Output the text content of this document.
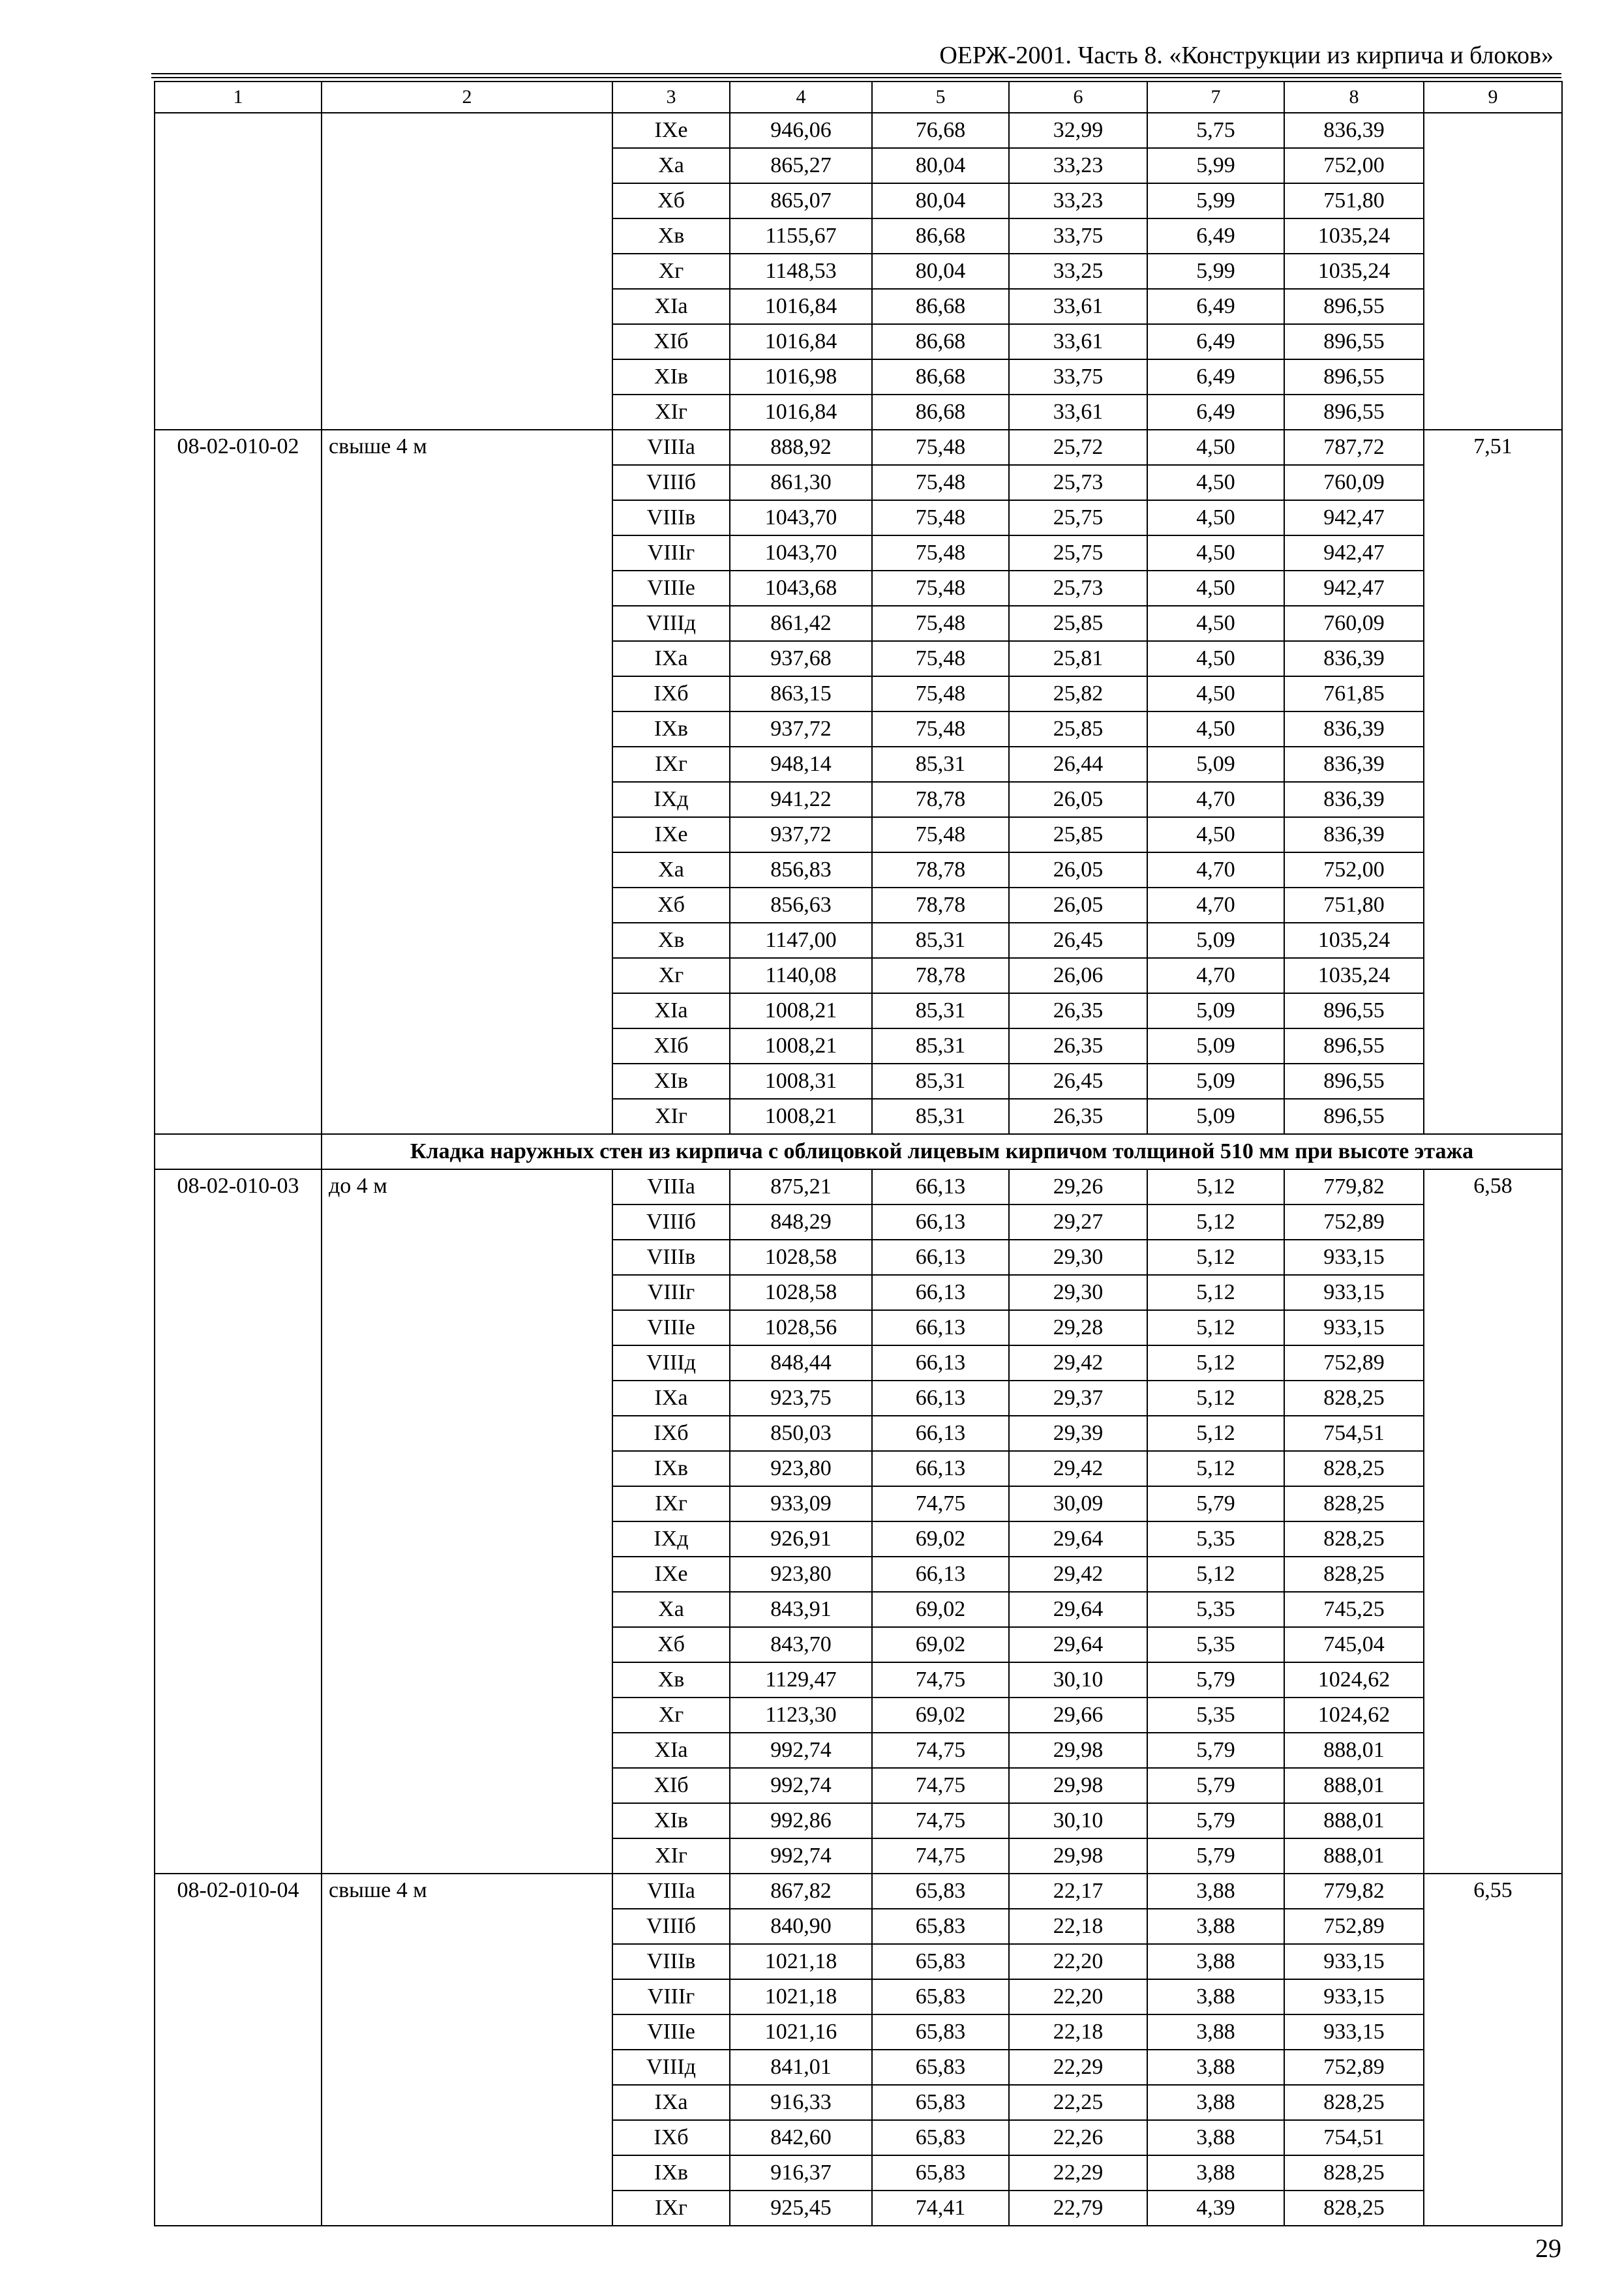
ОЕРЖ-2001. Часть 8. «Конструкции из кирпича и блоков»
1	2	3	4	5	6	7	8	9
		IXe	946,06	76,68	32,99	5,75	836,39	
		Xa	865,27	80,04	33,23	5,99	752,00	
		Xб	865,07	80,04	33,23	5,99	751,80	
		Xв	1155,67	86,68	33,75	6,49	1035,24	
		Xг	1148,53	80,04	33,25	5,99	1035,24	
		XIa	1016,84	86,68	33,61	6,49	896,55	
		XIб	1016,84	86,68	33,61	6,49	896,55	
		XIв	1016,98	86,68	33,75	6,49	896,55	
		XIг	1016,84	86,68	33,61	6,49	896,55	
08-02-010-02	свыше 4 м	VIIIa	888,92	75,48	25,72	4,50	787,72	7,51
		VIIIб	861,30	75,48	25,73	4,50	760,09	
		VIIIв	1043,70	75,48	25,75	4,50	942,47	
		VIIIг	1043,70	75,48	25,75	4,50	942,47	
		VIIIe	1043,68	75,48	25,73	4,50	942,47	
		VIIIд	861,42	75,48	25,85	4,50	760,09	
		IXa	937,68	75,48	25,81	4,50	836,39	
		IXб	863,15	75,48	25,82	4,50	761,85	
		IXв	937,72	75,48	25,85	4,50	836,39	
		IXг	948,14	85,31	26,44	5,09	836,39	
		IXд	941,22	78,78	26,05	4,70	836,39	
		IXe	937,72	75,48	25,85	4,50	836,39	
		Xa	856,83	78,78	26,05	4,70	752,00	
		Xб	856,63	78,78	26,05	4,70	751,80	
		Xв	1147,00	85,31	26,45	5,09	1035,24	
		Xг	1140,08	78,78	26,06	4,70	1035,24	
		XIa	1008,21	85,31	26,35	5,09	896,55	
		XIб	1008,21	85,31	26,35	5,09	896,55	
		XIв	1008,31	85,31	26,45	5,09	896,55	
		XIг	1008,21	85,31	26,35	5,09	896,55	
	Кладка наружных стен из кирпича с облицовкой лицевым кирпичом толщиной 510 мм при высоте этажа							
08-02-010-03	до 4 м	VIIIa	875,21	66,13	29,26	5,12	779,82	6,58
		VIIIб	848,29	66,13	29,27	5,12	752,89	
		VIIIв	1028,58	66,13	29,30	5,12	933,15	
		VIIIг	1028,58	66,13	29,30	5,12	933,15	
		VIIIe	1028,56	66,13	29,28	5,12	933,15	
		VIIIд	848,44	66,13	29,42	5,12	752,89	
		IXa	923,75	66,13	29,37	5,12	828,25	
		IXб	850,03	66,13	29,39	5,12	754,51	
		IXв	923,80	66,13	29,42	5,12	828,25	
		IXг	933,09	74,75	30,09	5,79	828,25	
		IXд	926,91	69,02	29,64	5,35	828,25	
		IXe	923,80	66,13	29,42	5,12	828,25	
		Xa	843,91	69,02	29,64	5,35	745,25	
		Xб	843,70	69,02	29,64	5,35	745,04	
		Xв	1129,47	74,75	30,10	5,79	1024,62	
		Xг	1123,30	69,02	29,66	5,35	1024,62	
		XIa	992,74	74,75	29,98	5,79	888,01	
		XIб	992,74	74,75	29,98	5,79	888,01	
		XIв	992,86	74,75	30,10	5,79	888,01	
		XIг	992,74	74,75	29,98	5,79	888,01	
08-02-010-04	свыше 4 м	VIIIa	867,82	65,83	22,17	3,88	779,82	6,55
		VIIIб	840,90	65,83	22,18	3,88	752,89	
		VIIIв	1021,18	65,83	22,20	3,88	933,15	
		VIIIг	1021,18	65,83	22,20	3,88	933,15	
		VIIIe	1021,16	65,83	22,18	3,88	933,15	
		VIIIд	841,01	65,83	22,29	3,88	752,89	
		IXa	916,33	65,83	22,25	3,88	828,25	
		IXб	842,60	65,83	22,26	3,88	754,51	
		IXв	916,37	65,83	22,29	3,88	828,25	
		IXг	925,45	74,41	22,79	4,39	828,25	
29
